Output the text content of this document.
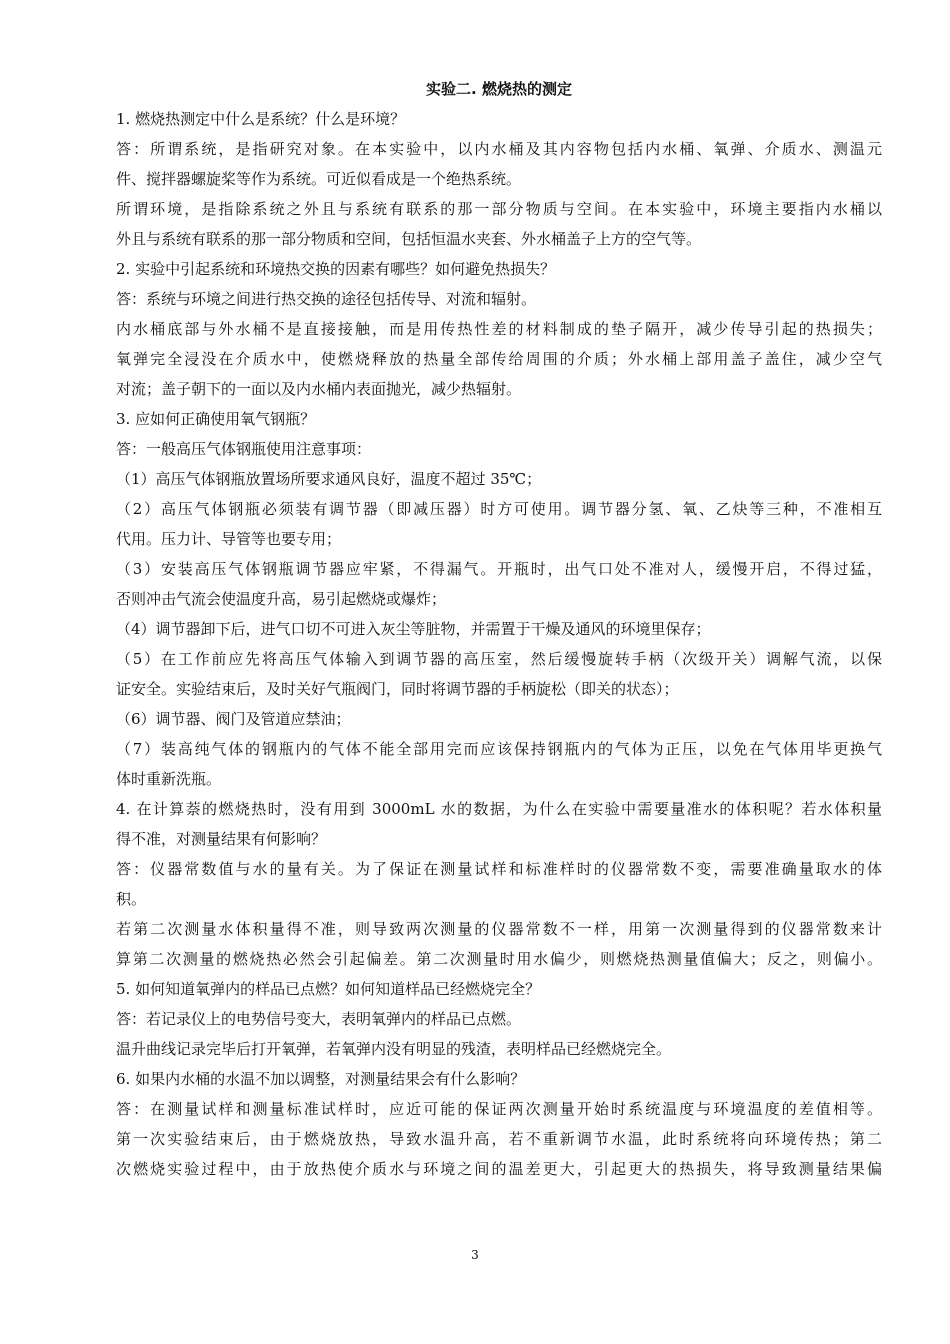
实验二. 燃烧热的测定

1. 燃烧热测定中什么是系统？什么是环境？

答：所谓系统，是指研究对象。在本实验中，以内水桶及其内容物包括内水桶、氧弹、介质水、测温元

件、搅拌器螺旋桨等作为系统。可近似看成是一个绝热系统。

所谓环境，是指除系统之外且与系统有联系的那一部分物质与空间。在本实验中，环境主要指内水桶以

外且与系统有联系的那一部分物质和空间，包括恒温水夹套、外水桶盖子上方的空气等。

2. 实验中引起系统和环境热交换的因素有哪些？如何避免热损失？

答：系统与环境之间进行热交换的途径包括传导、对流和辐射。

内水桶底部与外水桶不是直接接触，而是用传热性差的材料制成的垫子隔开，减少传导引起的热损失；

氧弹完全浸没在介质水中，使燃烧释放的热量全部传给周围的介质；外水桶上部用盖子盖住，减少空气

对流；盖子朝下的一面以及内水桶内表面抛光，减少热辐射。

3. 应如何正确使用氧气钢瓶？

答：一般高压气体钢瓶使用注意事项：

（1）高压气体钢瓶放置场所要求通风良好，温度不超过 35℃；

（2）高压气体钢瓶必须装有调节器（即减压器）时方可使用。调节器分氢、氧、乙炔等三种，不准相互

代用。压力计、导管等也要专用；

（3）安装高压气体钢瓶调节器应牢紧，不得漏气。开瓶时，出气口处不准对人，缓慢开启，不得过猛，

否则冲击气流会使温度升高，易引起燃烧或爆炸；

（4）调节器卸下后，进气口切不可进入灰尘等脏物，并需置于干燥及通风的环境里保存；

（5）在工作前应先将高压气体输入到调节器的高压室，然后缓慢旋转手柄（次级开关）调解气流，以保

证安全。实验结束后，及时关好气瓶阀门，同时将调节器的手柄旋松（即关的状态）；

（6）调节器、阀门及管道应禁油；

（7）装高纯气体的钢瓶内的气体不能全部用完而应该保持钢瓶内的气体为正压，以免在气体用毕更换气

体时重新洗瓶。

4. 在计算萘的燃烧热时，没有用到 3000mL 水的数据，为什么在实验中需要量准水的体积呢？若水体积量

得不准，对测量结果有何影响？

答：仪器常数值与水的量有关。为了保证在测量试样和标准样时的仪器常数不变，需要准确量取水的体

积。

若第二次测量水体积量得不准，则导致两次测量的仪器常数不一样，用第一次测量得到的仪器常数来计

算第二次测量的燃烧热必然会引起偏差。第二次测量时用水偏少，则燃烧热测量值偏大；反之，则偏小。

5. 如何知道氧弹内的样品已点燃？如何知道样品已经燃烧完全？

答：若记录仪上的电势信号变大，表明氧弹内的样品已点燃。

温升曲线记录完毕后打开氧弹，若氧弹内没有明显的残渣，表明样品已经燃烧完全。

6. 如果内水桶的水温不加以调整，对测量结果会有什么影响？

答：在测量试样和测量标准试样时，应近可能的保证两次测量开始时系统温度与环境温度的差值相等。

第一次实验结束后，由于燃烧放热，导致水温升高，若不重新调节水温，此时系统将向环境传热；第二

次燃烧实验过程中，由于放热使介质水与环境之间的温差更大，引起更大的热损失，将导致测量结果偏

3
